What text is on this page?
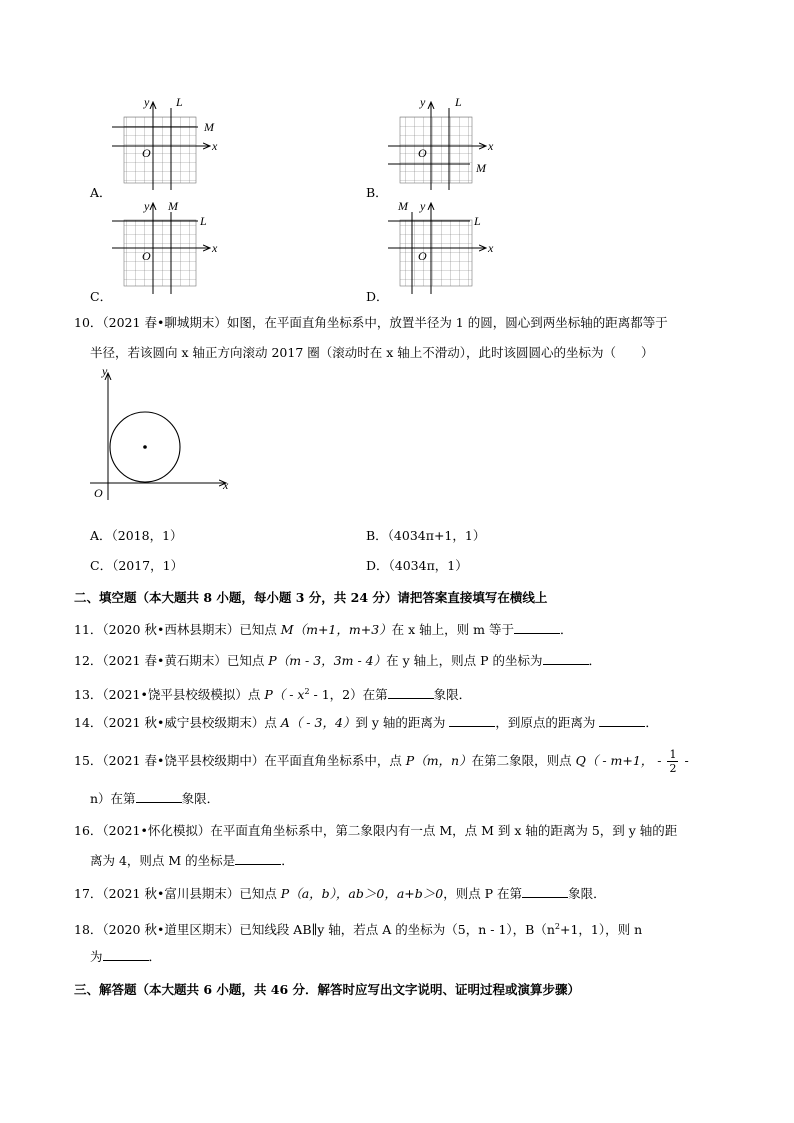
y
x
O
L
M
y
x
O
L
M
y
x
O
L
M	y
x
O
L
M
A．	B．
C．	D．
10．（2021 春•聊城期末）如图，在平面直角坐标系中，放置半径为 1 的圆，圆心到两坐标轴的距离都等于
半径，若该圆向 x 轴正方向滚动 2017 圈（滚动时在 x 轴上不滑动），此时该圆圆心的坐标为（　　）
y
x
O
A．（2018，1）	B．（4034π+1，1）
C．（2017，1）	D．（4034π，1）
二、填空题（本大题共 8 小题，每小题 3 分，共 24 分）请把答案直接填写在横线上
11．（2020 秋•西林县期末）已知点 M（m+1，m+3）在 x 轴上，则 m 等于	．
12．（2021 春•黄石期末）已知点 P（m - 3，3m - 4）在 y 轴上，则点 P 的坐标为	．
13．（2021•饶平县校级模拟）点 $P( - x^2 - 1$，2）在第	象限．
14．（2021 秋•威宁县校级期末）点 A（ - 3，4）到 y 轴的距离为	，到原点的距离为	．
15．（2021 春•饶平县校级期中）在平面直角坐标系中，点 P（m，n）在第二象限，则点 Q（ - m+1， - $\frac{1}{2}$ -
n）在第	象限．
16．（2021•怀化模拟）在平面直角坐标系中，第二象限内有一点 M，点 M 到 x 轴的距离为 5，到 y 轴的距
离为 4，则点 M 的坐标是	．
17．（2021 秋•富川县期末）已知点 P（a，b），ab＞0，a+b＞0，则点 P 在第	象限．
18．（2020 秋•道里区期末）已知线段 AB∥y 轴，若点 A 的坐标为（5，n - 1），$B(n^2+1$，1），则 n
为	．
三、解答题（本大题共 6 小题，共 46 分．解答时应写出文字说明、证明过程或演算步骤）
